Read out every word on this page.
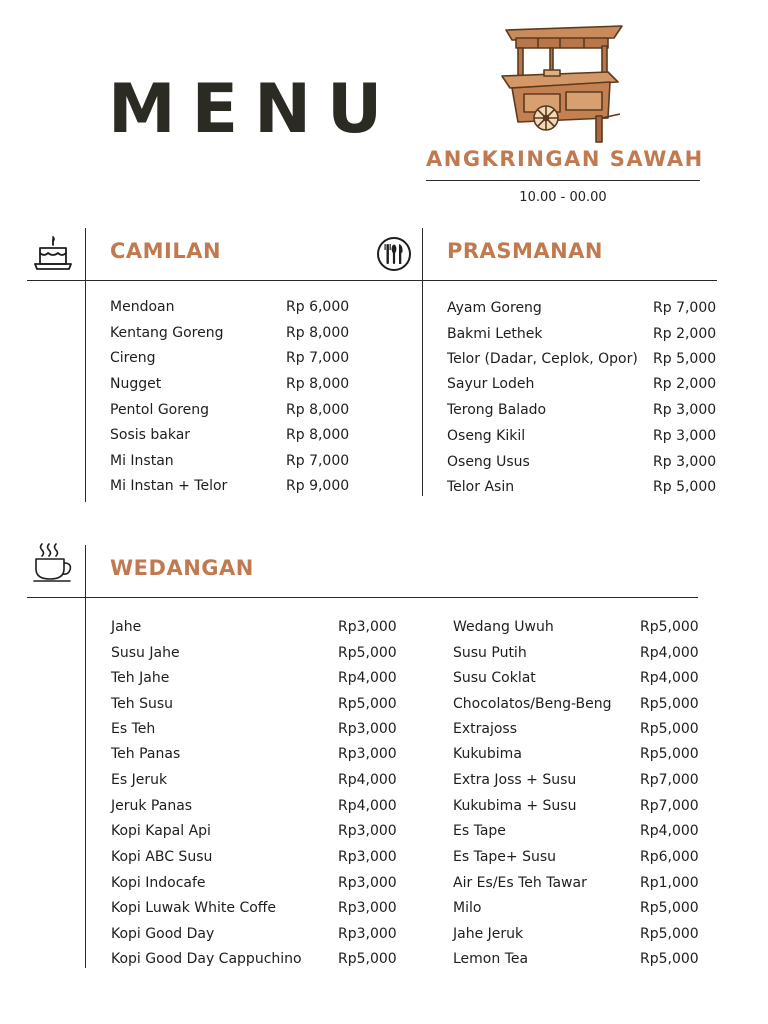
MENU
ANGKRINGAN SAWAH
10.00 - 00.00
CAMILAN	PRASMANAN
Mendoan	Rp 6,000
Kentang Goreng	Rp 8,000
Cireng	Rp 7,000
Nugget	Rp 8,000
Pentol Goreng	Rp 8,000
Sosis bakar	Rp 8,000
Mi Instan	Rp 7,000
Mi Instan + Telor	Rp 9,000
Ayam Goreng	Rp 7,000
Bakmi Lethek	Rp 2,000
Telor (Dadar, Ceplok, Opor) Rp 5,000
Sayur Lodeh	Rp 2,000
Terong Balado	Rp 3,000
Oseng Kikil	Rp 3,000
Oseng Usus	Rp 3,000
Telor Asin	Rp 5,000
WEDANGAN
Jahe	Rp3,000
Susu Jahe	Rp5,000
Teh Jahe	Rp4,000
Teh Susu	Rp5,000
Es Teh	Rp3,000
Teh Panas	Rp3,000
Es Jeruk	Rp4,000
Jeruk Panas	Rp4,000
Kopi Kapal Api	Rp3,000
Kopi ABC Susu	Rp3,000
Kopi Indocafe	Rp3,000
Kopi Luwak White Coffe	Rp3,000
Kopi Good Day	Rp3,000
Kopi Good Day Cappuchino	Rp5,000
Wedang Uwuh	Rp5,000
Susu Putih	Rp4,000
Susu Coklat	Rp4,000
Chocolatos/Beng-Beng Rp5,000
Extrajoss	Rp5,000
Kukubima	Rp5,000
Extra Joss + Susu	Rp7,000
Kukubima + Susu	Rp7,000
Es Tape	Rp4,000
Es Tape+ Susu	Rp6,000
Air Es/Es Teh Tawar	Rp1,000
Milo	Rp5,000
Jahe Jeruk	Rp5,000
Lemon Tea	Rp5,000
